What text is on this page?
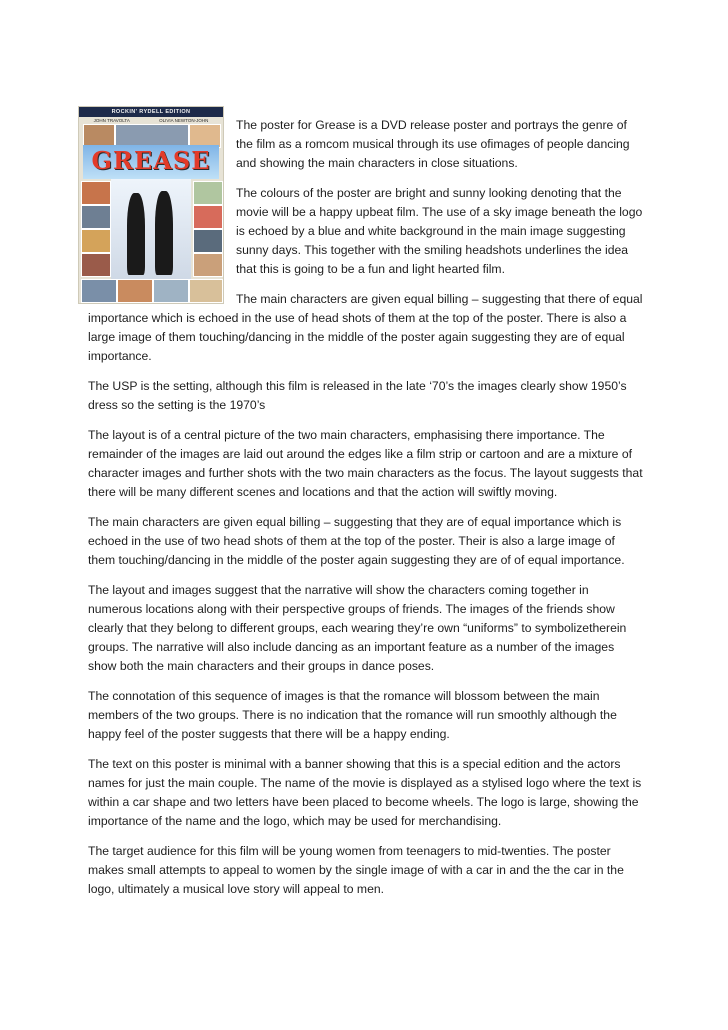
ROCKIN' RYDELL EDITION
JOHN TRAVOLTA	OLIVIA NEWTON-JOHN
GREASE

The poster for Grease is a DVD release poster and portrays the genre of the film as a romcom musical through its use ofimages of people dancing and showing the main characters in close situations.

The colours of the poster are bright and sunny looking denoting that the movie will be a happy upbeat film. The use of a sky image beneath the logo is echoed by a blue and white background in the main image suggesting sunny days. This together with the smiling headshots underlines the idea that this is going to be a fun and light hearted film.

The main characters are given equal billing – suggesting that there of equal importance which is echoed in the use of head shots of them at the top of the poster. There is also a large image of them touching/dancing in the middle of the poster again suggesting they are of equal importance.

The USP is the setting, although this film is released in the late ‘70’s the images clearly show 1950’s dress so the setting is the 1970’s

The layout is of a central picture of the two main characters, emphasising there importance. The remainder of the images are laid out around the edges like a film strip or cartoon and are a mixture of character images and further shots with the two main characters as the focus. The layout suggests that there will be many different scenes and locations and that the action will swiftly moving.

The main characters are given equal billing – suggesting that they are of equal importance which is echoed in the use of two head shots of them at the top of the poster. Their is also a large image of them touching/dancing in the middle of the poster again suggesting they are of of equal importance.

The layout and images suggest that the narrative will show the characters coming together in numerous locations along with their perspective groups of friends. The images of the friends show clearly that they belong to different groups, each wearing they’re own “uniforms” to symbolizetherein groups. The narrative will also include dancing as an important feature as a number of the images show both the main characters and their groups in dance poses.

The connotation of this sequence of images is that the romance will blossom between the main members of the two groups. There is no indication that the romance will run smoothly although the happy feel of the poster suggests that there will be a happy ending.

The text on this poster is minimal with a banner showing that this is a special edition and the actors names for just the main couple. The name of the movie is displayed as a stylised logo where the text is within a car shape and two letters have been placed to become wheels. The logo is large, showing the importance of the name and the logo, which may be used for merchandising.

The target audience for this film will be young women from teenagers to mid-twenties. The poster makes small attempts to appeal to women by the single image of with a car in and the the car in the logo, ultimately a musical love story will appeal to men.
